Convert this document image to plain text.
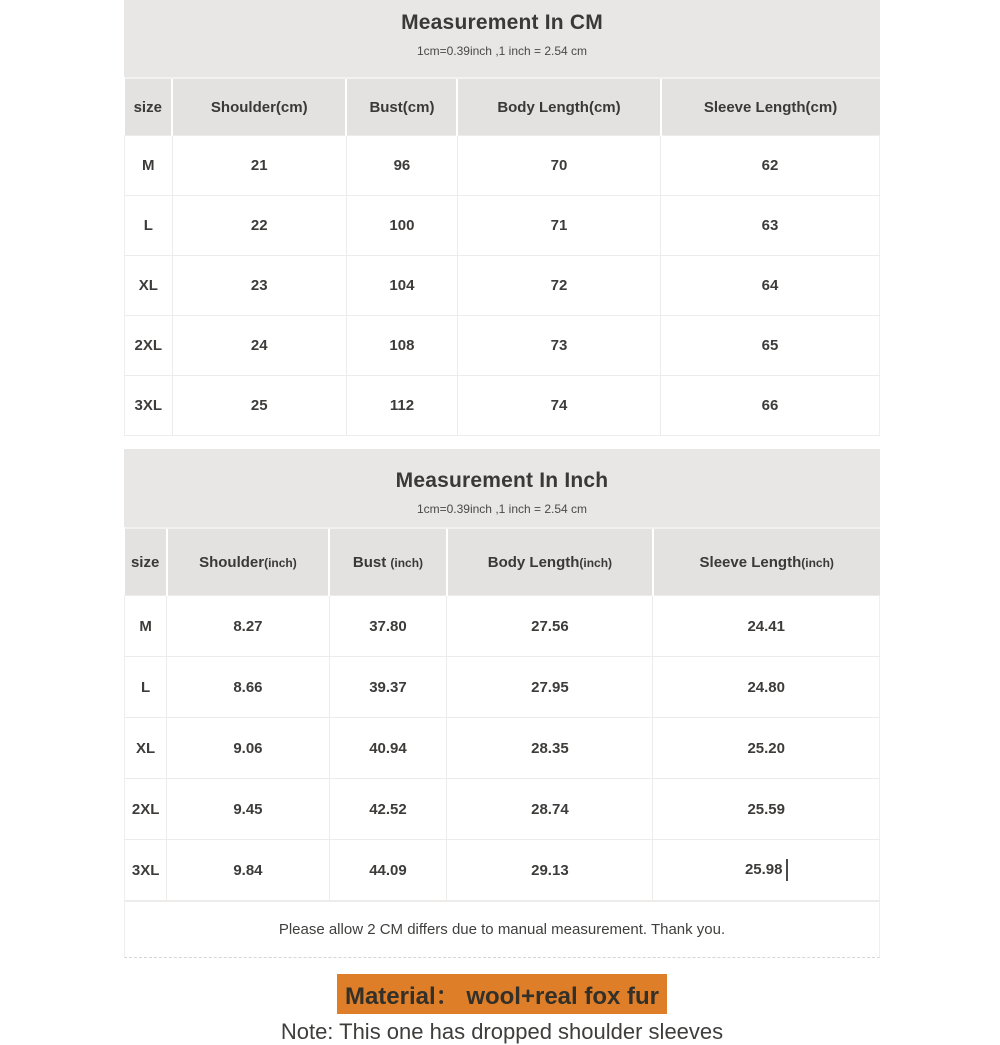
Measurement In CM
1cm=0.39inch ,1 inch = 2.54 cm
size	Shoulder(cm)	Bust(cm)	Body Length(cm)	Sleeve Length(cm)
M	21	96	70	62
L	22	100	71	63
XL	23	104	72	64
2XL	24	108	73	65
3XL	25	112	74	66
Measurement In Inch
1cm=0.39inch ,1 inch = 2.54 cm
size	Shoulder(inch)	Bust (inch)	Body Length(inch)	Sleeve Length(inch)
M	8.27	37.80	27.56	24.41
L	8.66	39.37	27.95	24.80
XL	9.06	40.94	28.35	25.20
2XL	9.45	42.52	28.74	25.59
3XL	9.84	44.09	29.13	25.98
Please allow 2 CM differs due to manual measurement. Thank you.
Material： wool+real fox fur
Note: This one has dropped shoulder sleeves
